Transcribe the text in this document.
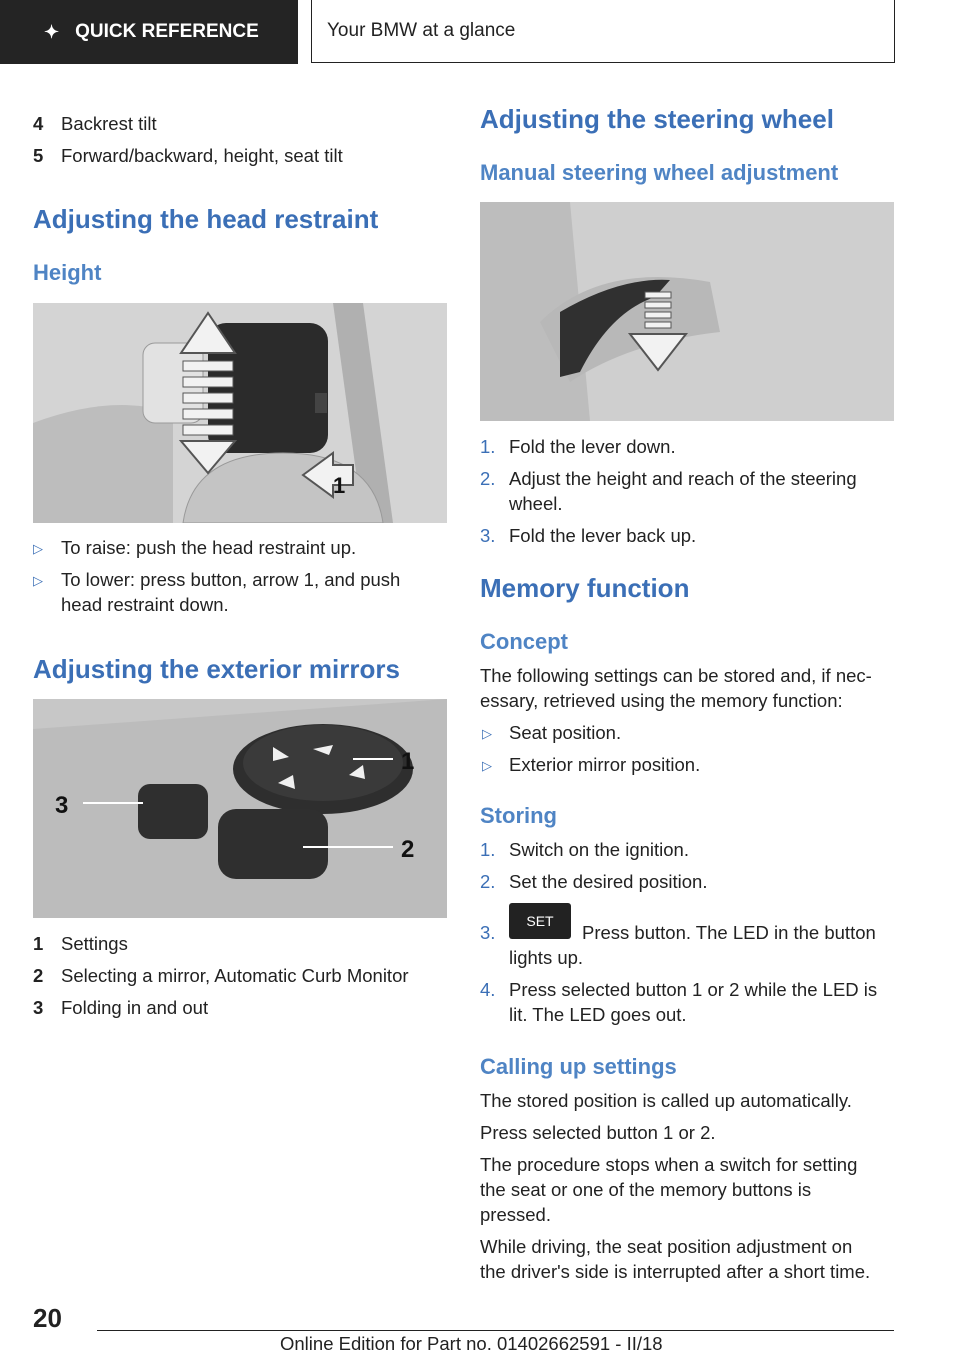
✦ QUICK REFERENCE	Your BMW at a glance
4 Backrest tilt
5 Forward/backward, height, seat tilt
Adjusting the head restraint
Height
1
▷ To raise: push the head restraint up.
▷ To lower: press button, arrow 1, and push
head restraint down.
Adjusting the exterior mirrors
1
2
3
1 Settings
2 Selecting a mirror, Automatic Curb Monitor
3 Folding in and out
Adjusting the steering wheel
Manual steering wheel adjustment
1. Fold the lever down.
2. Adjust the height and reach of the steering
wheel.
3. Fold the lever back up.
Memory function
Concept
The following settings can be stored and, if nec-
essary, retrieved using the memory function:
▷ Seat position.
▷ Exterior mirror position.
Storing
1. Switch on the ignition.
2. Set the desired position.
3.
SET
Press button. The LED in the button
lights up.
4. Press selected button 1 or 2 while the LED is
lit. The LED goes out.
Calling up settings
The stored position is called up automatically.
Press selected button 1 or 2.
The procedure stops when a switch for setting
the seat or one of the memory buttons is
pressed.
While driving, the seat position adjustment on
the driver's side is interrupted after a short time.
20
Online Edition for Part no. 01402662591 - II/18
